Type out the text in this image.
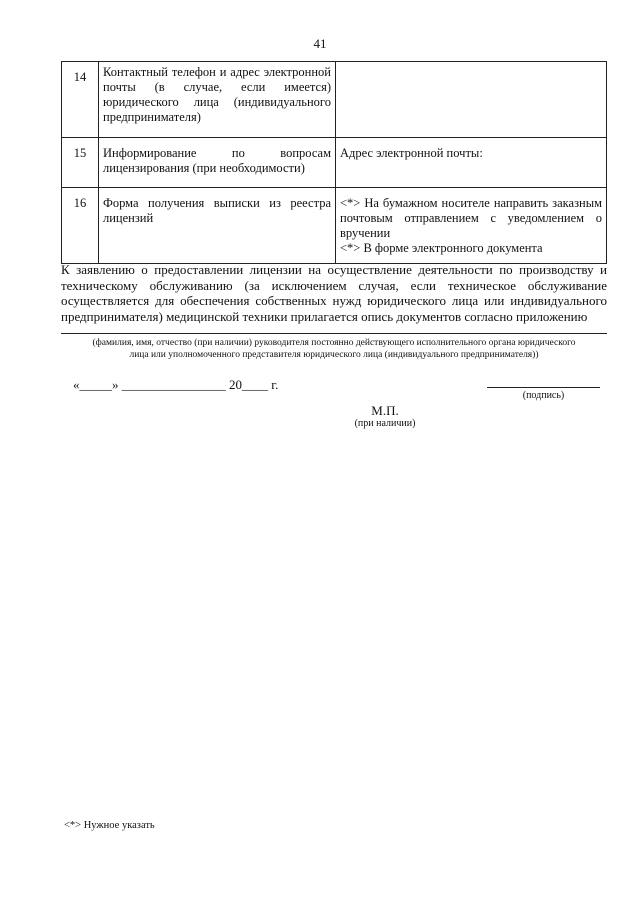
41
14	Контактный телефон и адрес электронной почты (в случае, если имеется) юридического лица (индивидуального предпринимателя)	
15	Информирование по вопросам лицензирования (при необходимости)	Адрес электронной почты:
16	Форма получения выписки из реестра лицензий	<*> На бумажном носителе направить заказным почтовым отправлением с уведомлением о вручении
<*> В форме электронного документа
К заявлению о предоставлении лицензии на осуществление деятельности по производству и техническому обслуживанию (за исключением случая, если техническое обслуживание осуществляется для обеспечения собственных нужд юридического лица или индивидуального предпринимателя) медицинской техники прилагается опись документов согласно приложению
(фамилия, имя, отчество (при наличии) руководителя постоянно действующего исполнительного органа юридического
лица или уполномоченного представителя юридического лица (индивидуального предпринимателя))
«_____» ________________ 20____ г.
(подпись)
М.П.
(при наличии)
<*> Нужное указать
